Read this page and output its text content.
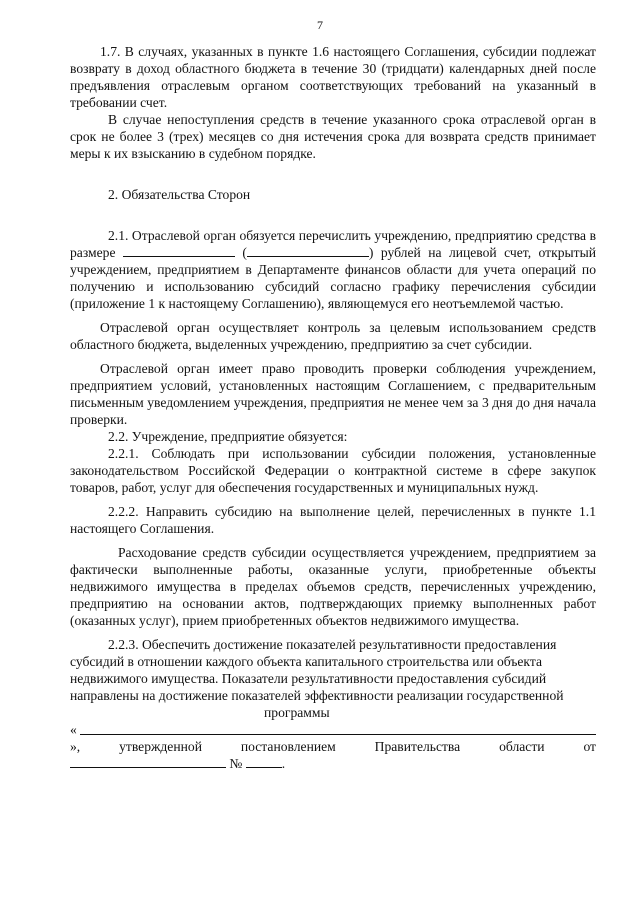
7

1.7. В случаях, указанных в пункте 1.6 настоящего Соглашения, субсидии подлежат возврату в доход областного бюджета в течение 30 (тридцати) календарных дней после предъявления отраслевым органом соответствующих требований на указанный в требовании счет.

В случае непоступления средств в течение указанного срока отраслевой орган в срок не более 3 (трех) месяцев со дня истечения срока для возврата средств принимает меры к их взысканию в судебном порядке.

2. Обязательства Сторон

2.1. Отраслевой орган обязуется перечислить учреждению, предприятию средства в размере	(	) рублей на лицевой счет, открытый учреждением, предприятием в Департаменте финансов области для учета операций по получению и использованию субсидий согласно графику перечисления субсидии (приложение 1 к настоящему Соглашению), являющемуся его неотъемлемой частью.

Отраслевой орган осуществляет контроль за целевым использованием средств областного бюджета, выделенных учреждению, предприятию за счет субсидии.

Отраслевой орган имеет право проводить проверки соблюдения учреждением, предприятием условий, установленных настоящим Соглашением, с предварительным письменным уведомлением учреждения, предприятия не менее чем за 3 дня до дня начала проверки.

2.2. Учреждение, предприятие обязуется:

2.2.1. Соблюдать при использовании субсидии положения, установленные законодательством Российской Федерации о контрактной системе в сфере закупок товаров, работ, услуг для обеспечения государственных и муниципальных нужд.

2.2.2. Направить субсидию на выполнение целей, перечисленных в пункте 1.1 настоящего Соглашения.

Расходование средств субсидии осуществляется учреждением, предприятием за фактически выполненные работы, оказанные услуги, приобретенные объекты недвижимого имущества в пределах объемов средств, перечисленных учреждению, предприятию на основании актов, подтверждающих приемку выполненных работ (оказанных услуг), прием приобретенных объектов недвижимого имущества.

2.2.3. Обеспечить достижение показателей результативности предоставления субсидий в отношении каждого объекта капитального строительства или объекта недвижимого имущества. Показатели результативности предоставления субсидий направлены на достижение показателей эффективности реализации государственнойпрограммы

«
»,	утвержденной	постановлением	Правительства	области	от
№	.
